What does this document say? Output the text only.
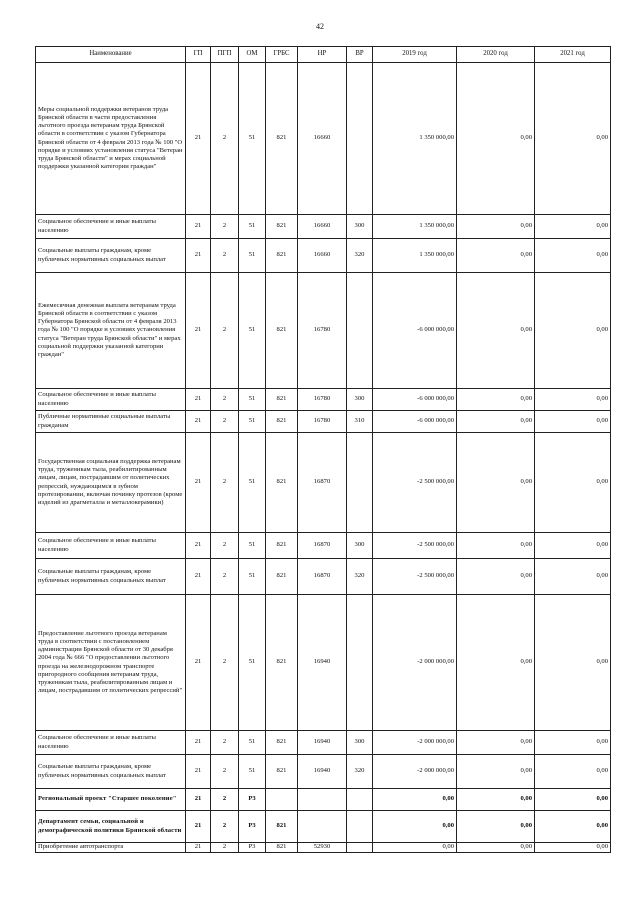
42
Наименование	ГП	ПГП	ОМ	ГРБС	НР	ВР	2019 год	2020 год	2021 год
Меры социальной поддержки ветеранов труда Брянской области в части предоставления льготного проезда ветеранам труда Брянской области в соответствии с указом Губернатора Брянской области от 4 февраля 2013 года № 100 "О порядке и условиях установления статуса "Ветеран труда Брянской области" и мерах социальной поддержки указанной категории граждан"	21	2	51	821	16660		1 350 000,00	0,00	0,00
Социальное обеспечение и иные выплаты населению	21	2	51	821	16660	300	1 350 000,00	0,00	0,00
Социальные выплаты гражданам, кроме публичных нормативных социальных выплат	21	2	51	821	16660	320	1 350 000,00	0,00	0,00
Ежемесячная денежная выплата ветеранам труда Брянской области в соответствии с указом Губернатора Брянской области от 4 февраля 2013 года № 100 "О порядке и условиях установления статуса "Ветеран труда Брянской области" и мерах социальной поддержки указанной категории граждан"	21	2	51	821	16780		-6 000 000,00	0,00	0,00
Социальное обеспечение и иные выплаты населению	21	2	51	821	16780	300	-6 000 000,00	0,00	0,00
Публичные нормативные социальные выплаты гражданам	21	2	51	821	16780	310	-6 000 000,00	0,00	0,00
Государственная социальная поддержка ветеранам труда, труженикам тыла, реабилитированным лицам, лицам, пострадавшим от политических репрессий, нуждающимся в зубном протезировании, включая починку протезов (кроме изделий из драгметалла и металлокерамики)	21	2	51	821	16870		-2 500 000,00	0,00	0,00
Социальное обеспечение и иные выплаты населению	21	2	51	821	16870	300	-2 500 000,00	0,00	0,00
Социальные выплаты гражданам, кроме публичных нормативных социальных выплат	21	2	51	821	16870	320	-2 500 000,00	0,00	0,00
Предоставление льготного проезда ветеранам труда в соответствии с постановлением администрации Брянской области от 30 декабря 2004 года № 666 "О предоставлении льготного проезда на железнодорожном транспорте пригородного сообщения ветеранам труда, труженикам тыла, реабилитированным лицам и лицам, пострадавшим от политических репрессий"	21	2	51	821	16940		-2 000 000,00	0,00	0,00
Социальное обеспечение и иные выплаты населению	21	2	51	821	16940	300	-2 000 000,00	0,00	0,00
Социальные выплаты гражданам, кроме публичных нормативных социальных выплат	21	2	51	821	16940	320	-2 000 000,00	0,00	0,00
Региональный проект "Старшее поколение"	21	2	P3				0,00	0,00	0,00
Департамент семьи, социальной и демографической политики Брянской области	21	2	P3	821			0,00	0,00	0,00
Приобретение автотранспорта	21	2	P3	821	52930		0,00	0,00	0,00
